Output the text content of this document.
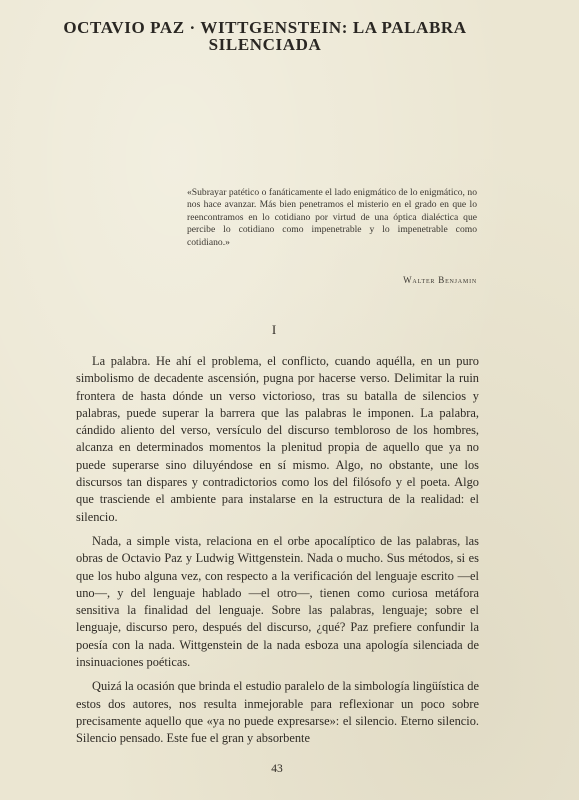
OCTAVIO PAZ · WITTGENSTEIN: LA PALABRA
SILENCIADA
«Subrayar patético o fanáticamente el lado enigmático de lo enigmático, no nos hace avanzar. Más bien penetramos el misterio en el grado en que lo reencontramos en lo cotidiano por virtud de una óptica dialéctica que percibe lo cotidiano como impenetrable y lo impenetrable como cotidiano.»
Walter Benjamin
I

La palabra. He ahí el problema, el conflicto, cuando aquélla, en un puro simbolismo de decadente ascensión, pugna por hacerse verso. Delimitar la ruin frontera de hasta dónde un verso victorioso, tras su batalla de silencios y palabras, puede superar la barrera que las palabras le imponen. La palabra, cándido aliento del verso, versículo del discurso tembloroso de los hombres, alcanza en determinados momentos la plenitud propia de aquello que ya no puede superarse sino diluyéndose en sí mismo. Algo, no obstante, une los discursos tan dispares y contradictorios como los del filósofo y el poeta. Algo que trasciende el ambiente para instalarse en la estructura de la realidad: el silencio.

Nada, a simple vista, relaciona en el orbe apocalíptico de las palabras, las obras de Octavio Paz y Ludwig Wittgenstein. Nada o mucho. Sus métodos, si es que los hubo alguna vez, con respecto a la verificación del lenguaje escrito —el uno—, y del lenguaje hablado —el otro—, tienen como curiosa metáfora sensitiva la finalidad del lenguaje. Sobre las palabras, lenguaje; sobre el lenguaje, discurso pero, después del discurso, ¿qué? Paz prefiere confundir la poesía con la nada. Wittgenstein de la nada esboza una apología silenciada de insinuaciones poéticas.

Quizá la ocasión que brinda el estudio paralelo de la simbología lingüística de estos dos autores, nos resulta inmejorable para reflexionar un poco sobre precisamente aquello que «ya no puede expresarse»: el silencio. Eterno silencio. Silencio pensado. Este fue el gran y absorbente

43
